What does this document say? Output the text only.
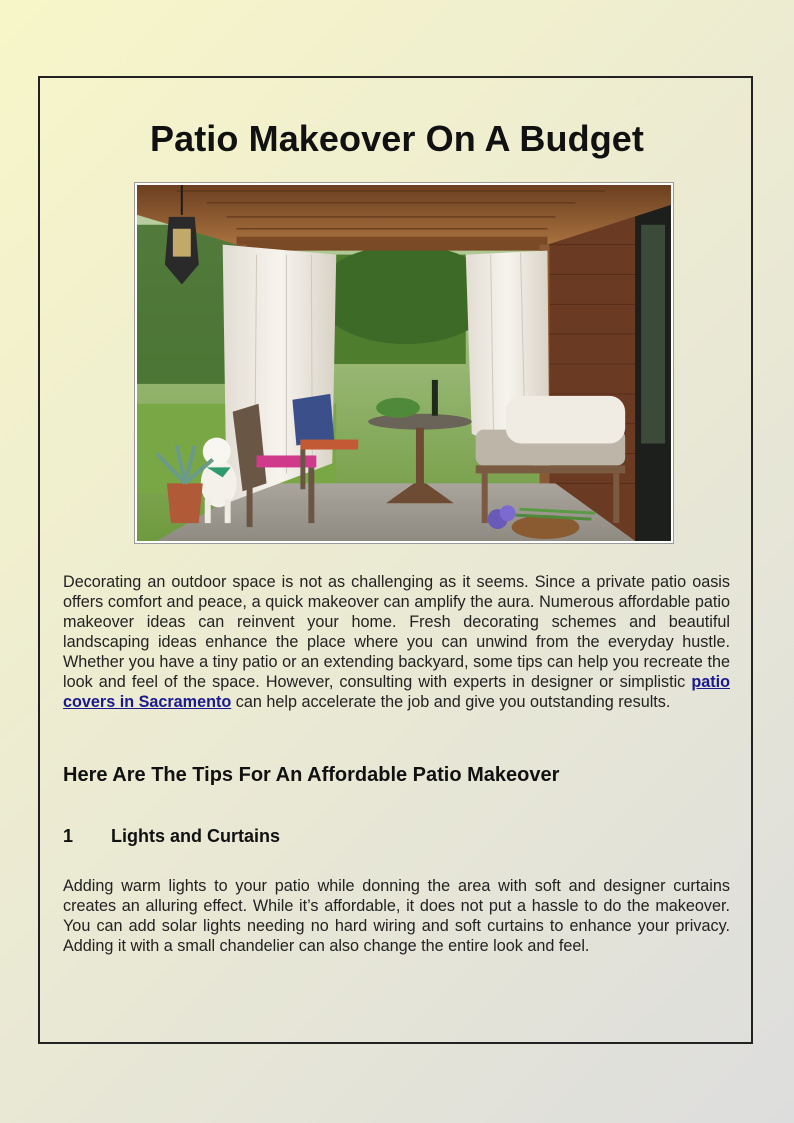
Patio Makeover On A Budget

Decorating an outdoor space is not as challenging as it seems. Since a private patio oasis offers comfort and peace, a quick makeover can amplify the aura. Numerous affordable patio makeover ideas can reinvent your home. Fresh decorating schemes and beautiful landscaping ideas enhance the place where you can unwind from the everyday hustle. Whether you have a tiny patio or an extending backyard, some tips can help you recreate the look and feel of the space. However, consulting with experts in designer or simplistic patio covers in Sacramento can help accelerate the job and give you outstanding results.

Here Are The Tips For An Affordable Patio Makeover
1 Lights and Curtains

Adding warm lights to your patio while donning the area with soft and designer curtains creates an alluring effect. While it’s affordable, it does not put a hassle to do the makeover. You can add solar lights needing no hard wiring and soft curtains to enhance your privacy. Adding it with a small chandelier can also change the entire look and feel.
